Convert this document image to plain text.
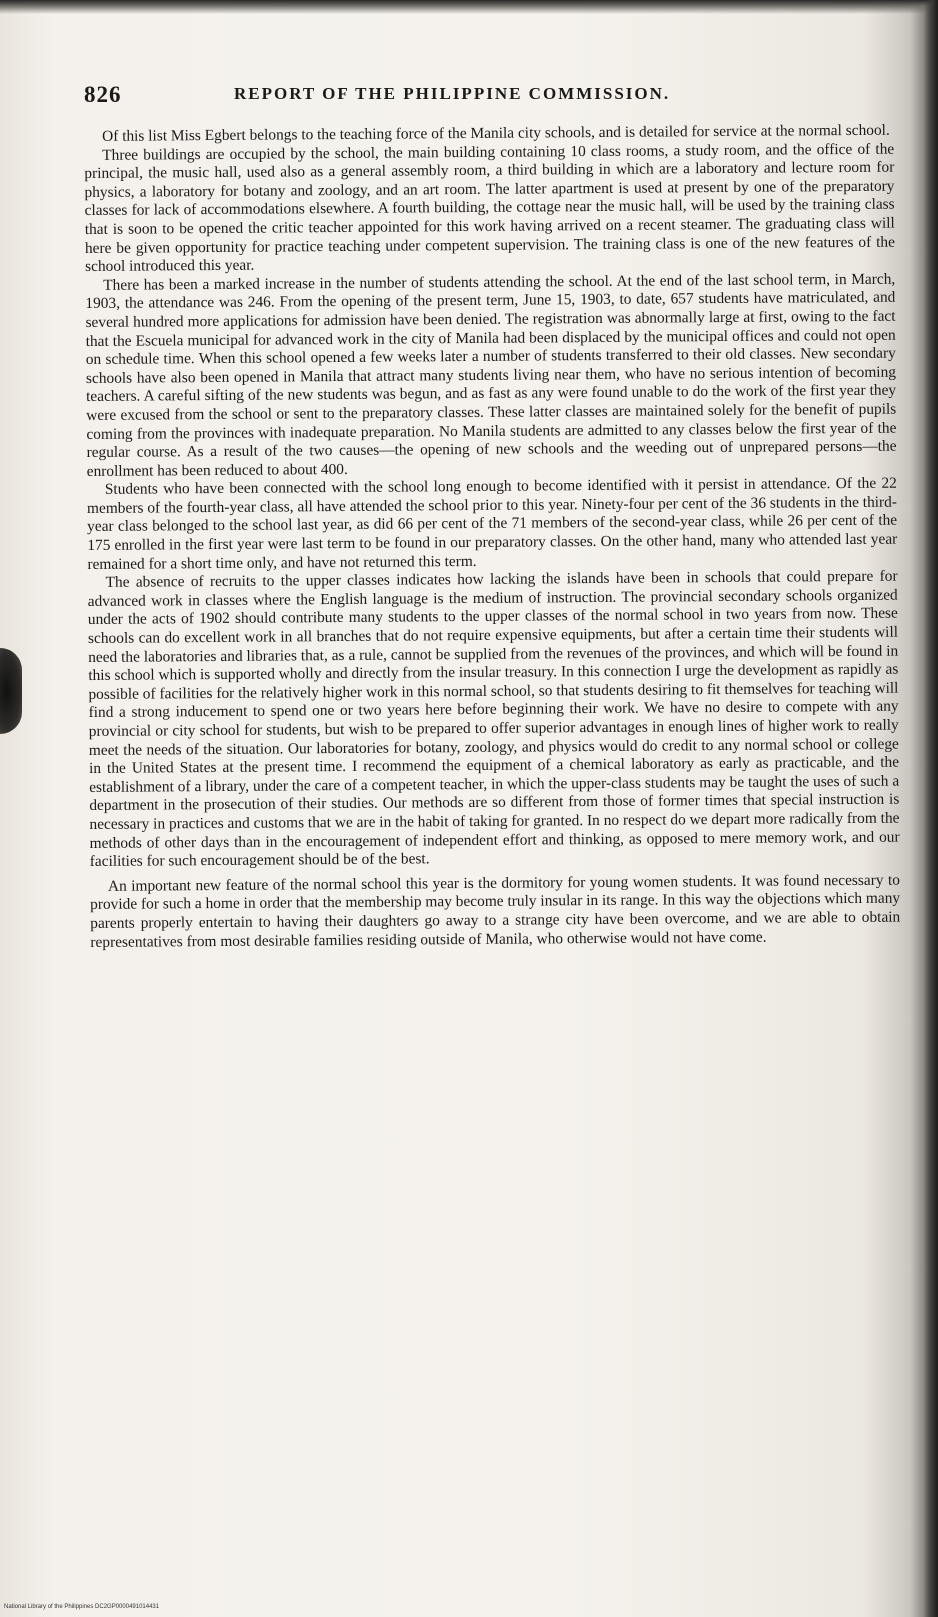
826	REPORT OF THE PHILIPPINE COMMISSION.

Of this list Miss Egbert belongs to the teaching force of the Manila city schools, and is detailed for service at the normal school.

Three buildings are occupied by the school, the main building containing 10 class rooms, a study room, and the office of the principal, the music hall, used also as a general assembly room, a third building in which are a laboratory and lecture room for physics, a laboratory for botany and zoology, and an art room. The latter apartment is used at present by one of the preparatory classes for lack of accommodations elsewhere. A fourth building, the cottage near the music hall, will be used by the training class that is soon to be opened the critic teacher appointed for this work having arrived on a recent steamer. The graduating class will here be given opportunity for practice teaching under competent supervision. The training class is one of the new features of the school introduced this year.

There has been a marked increase in the number of students attending the school. At the end of the last school term, in March, 1903, the attendance was 246. From the opening of the present term, June 15, 1903, to date, 657 students have matriculated, and several hundred more applications for admission have been denied. The registration was abnormally large at first, owing to the fact that the Escuela municipal for advanced work in the city of Manila had been displaced by the municipal offices and could not open on schedule time. When this school opened a few weeks later a number of students transferred to their old classes. New secondary schools have also been opened in Manila that attract many students living near them, who have no serious intention of becoming teachers. A careful sifting of the new students was begun, and as fast as any were found unable to do the work of the first year they were excused from the school or sent to the preparatory classes. These latter classes are maintained solely for the benefit of pupils coming from the provinces with inadequate preparation. No Manila students are admitted to any classes below the first year of the regular course. As a result of the two causes—the opening of new schools and the weeding out of unprepared persons—the enrollment has been reduced to about 400.

Students who have been connected with the school long enough to become identified with it persist in attendance. Of the 22 members of the fourth-year class, all have attended the school prior to this year. Ninety-four per cent of the 36 students in the third-year class belonged to the school last year, as did 66 per cent of the 71 members of the second-year class, while 26 per cent of the 175 enrolled in the first year were last term to be found in our preparatory classes. On the other hand, many who attended last year remained for a short time only, and have not returned this term.

The absence of recruits to the upper classes indicates how lacking the islands have been in schools that could prepare for advanced work in classes where the English language is the medium of instruction. The provincial secondary schools organized under the acts of 1902 should contribute many students to the upper classes of the normal school in two years from now. These schools can do excellent work in all branches that do not require expensive equipments, but after a certain time their students will need the laboratories and libraries that, as a rule, cannot be supplied from the revenues of the provinces, and which will be found in this school which is supported wholly and directly from the insular treasury. In this connection I urge the development as rapidly as possible of facilities for the relatively higher work in this normal school, so that students desiring to fit themselves for teaching will find a strong inducement to spend one or two years here before beginning their work. We have no desire to compete with any provincial or city school for students, but wish to be prepared to offer superior advantages in enough lines of higher work to really meet the needs of the situation. Our laboratories for botany, zoology, and physics would do credit to any normal school or college in the United States at the present time. I recommend the equipment of a chemical laboratory as early as practicable, and the establishment of a library, under the care of a competent teacher, in which the upper-class students may be taught the uses of such a department in the prosecution of their studies. Our methods are so different from those of former times that special instruction is necessary in practices and customs that we are in the habit of taking for granted. In no respect do we depart more radically from the methods of other days than in the encouragement of independent effort and thinking, as opposed to mere memory work, and our facilities for such encouragement should be of the best.

An important new feature of the normal school this year is the dormitory for young women students. It was found necessary to provide for such a home in order that the membership may become truly insular in its range. In this way the objections which many parents properly entertain to having their daughters go away to a strange city have been overcome, and we are able to obtain representatives from most desirable families residing outside of Manila, who otherwise would not have come.

National Library of the Philippines DC2GP0000491014431
